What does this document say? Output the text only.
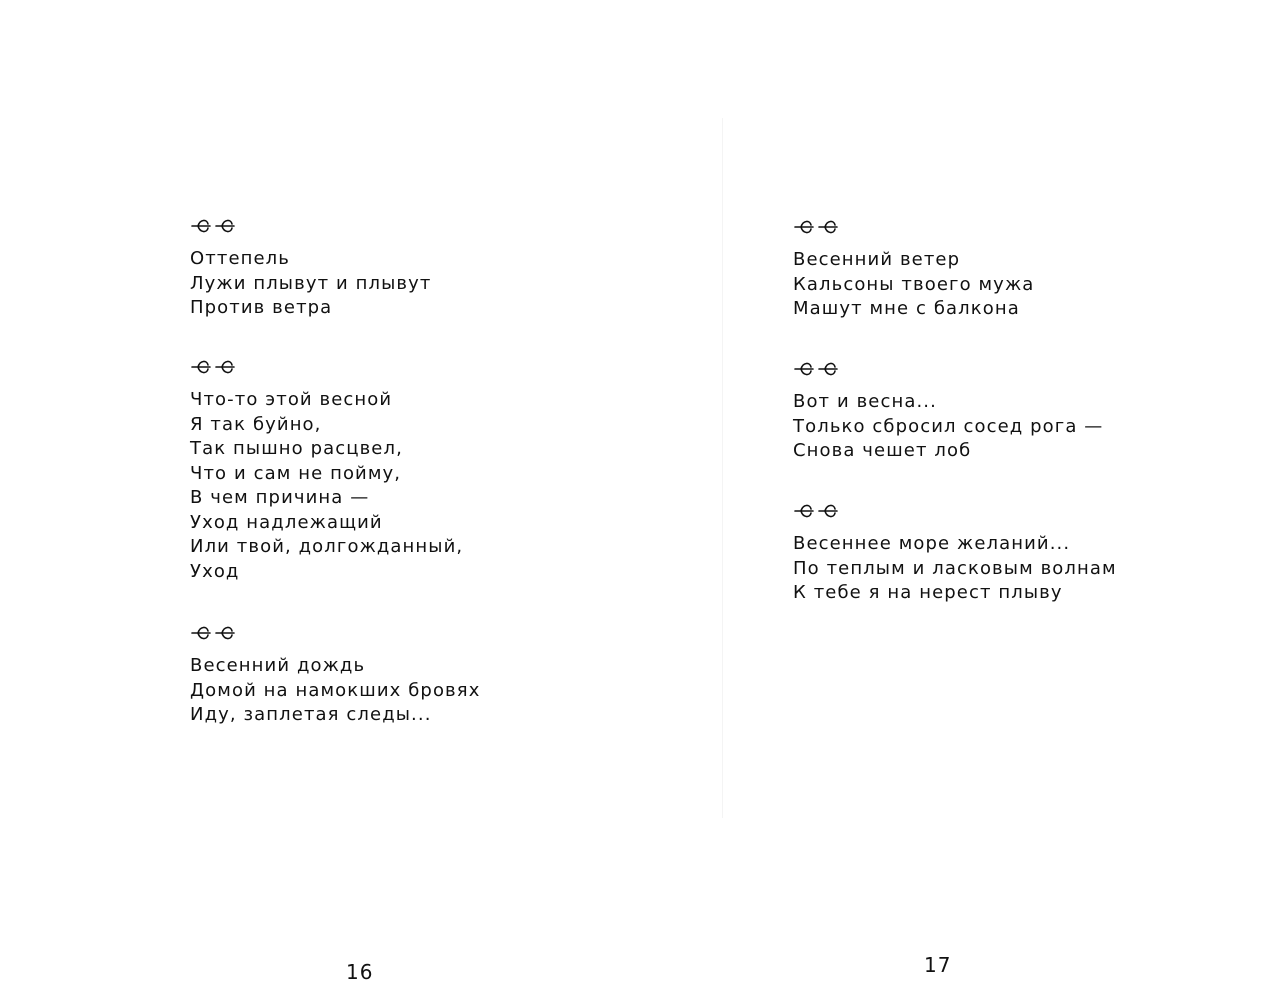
Оттепель
Лужи плывут и плывут
Против ветра
Что-то этой весной
Я так буйно,
Так пышно расцвел,
Что и сам не пойму,
В чем причина —
Уход надлежащий
Или твой, долгожданный,
Уход
Весенний дождь
Домой на намокших бровях
Иду, заплетая следы...
16
Весенний ветер
Кальсоны твоего мужа
Машут мне с балкона
Вот и весна...
Только сбросил сосед рога —
Снова чешет лоб
Весеннее море желаний...
По теплым и ласковым волнам
К тебе я на нерест плыву
17
